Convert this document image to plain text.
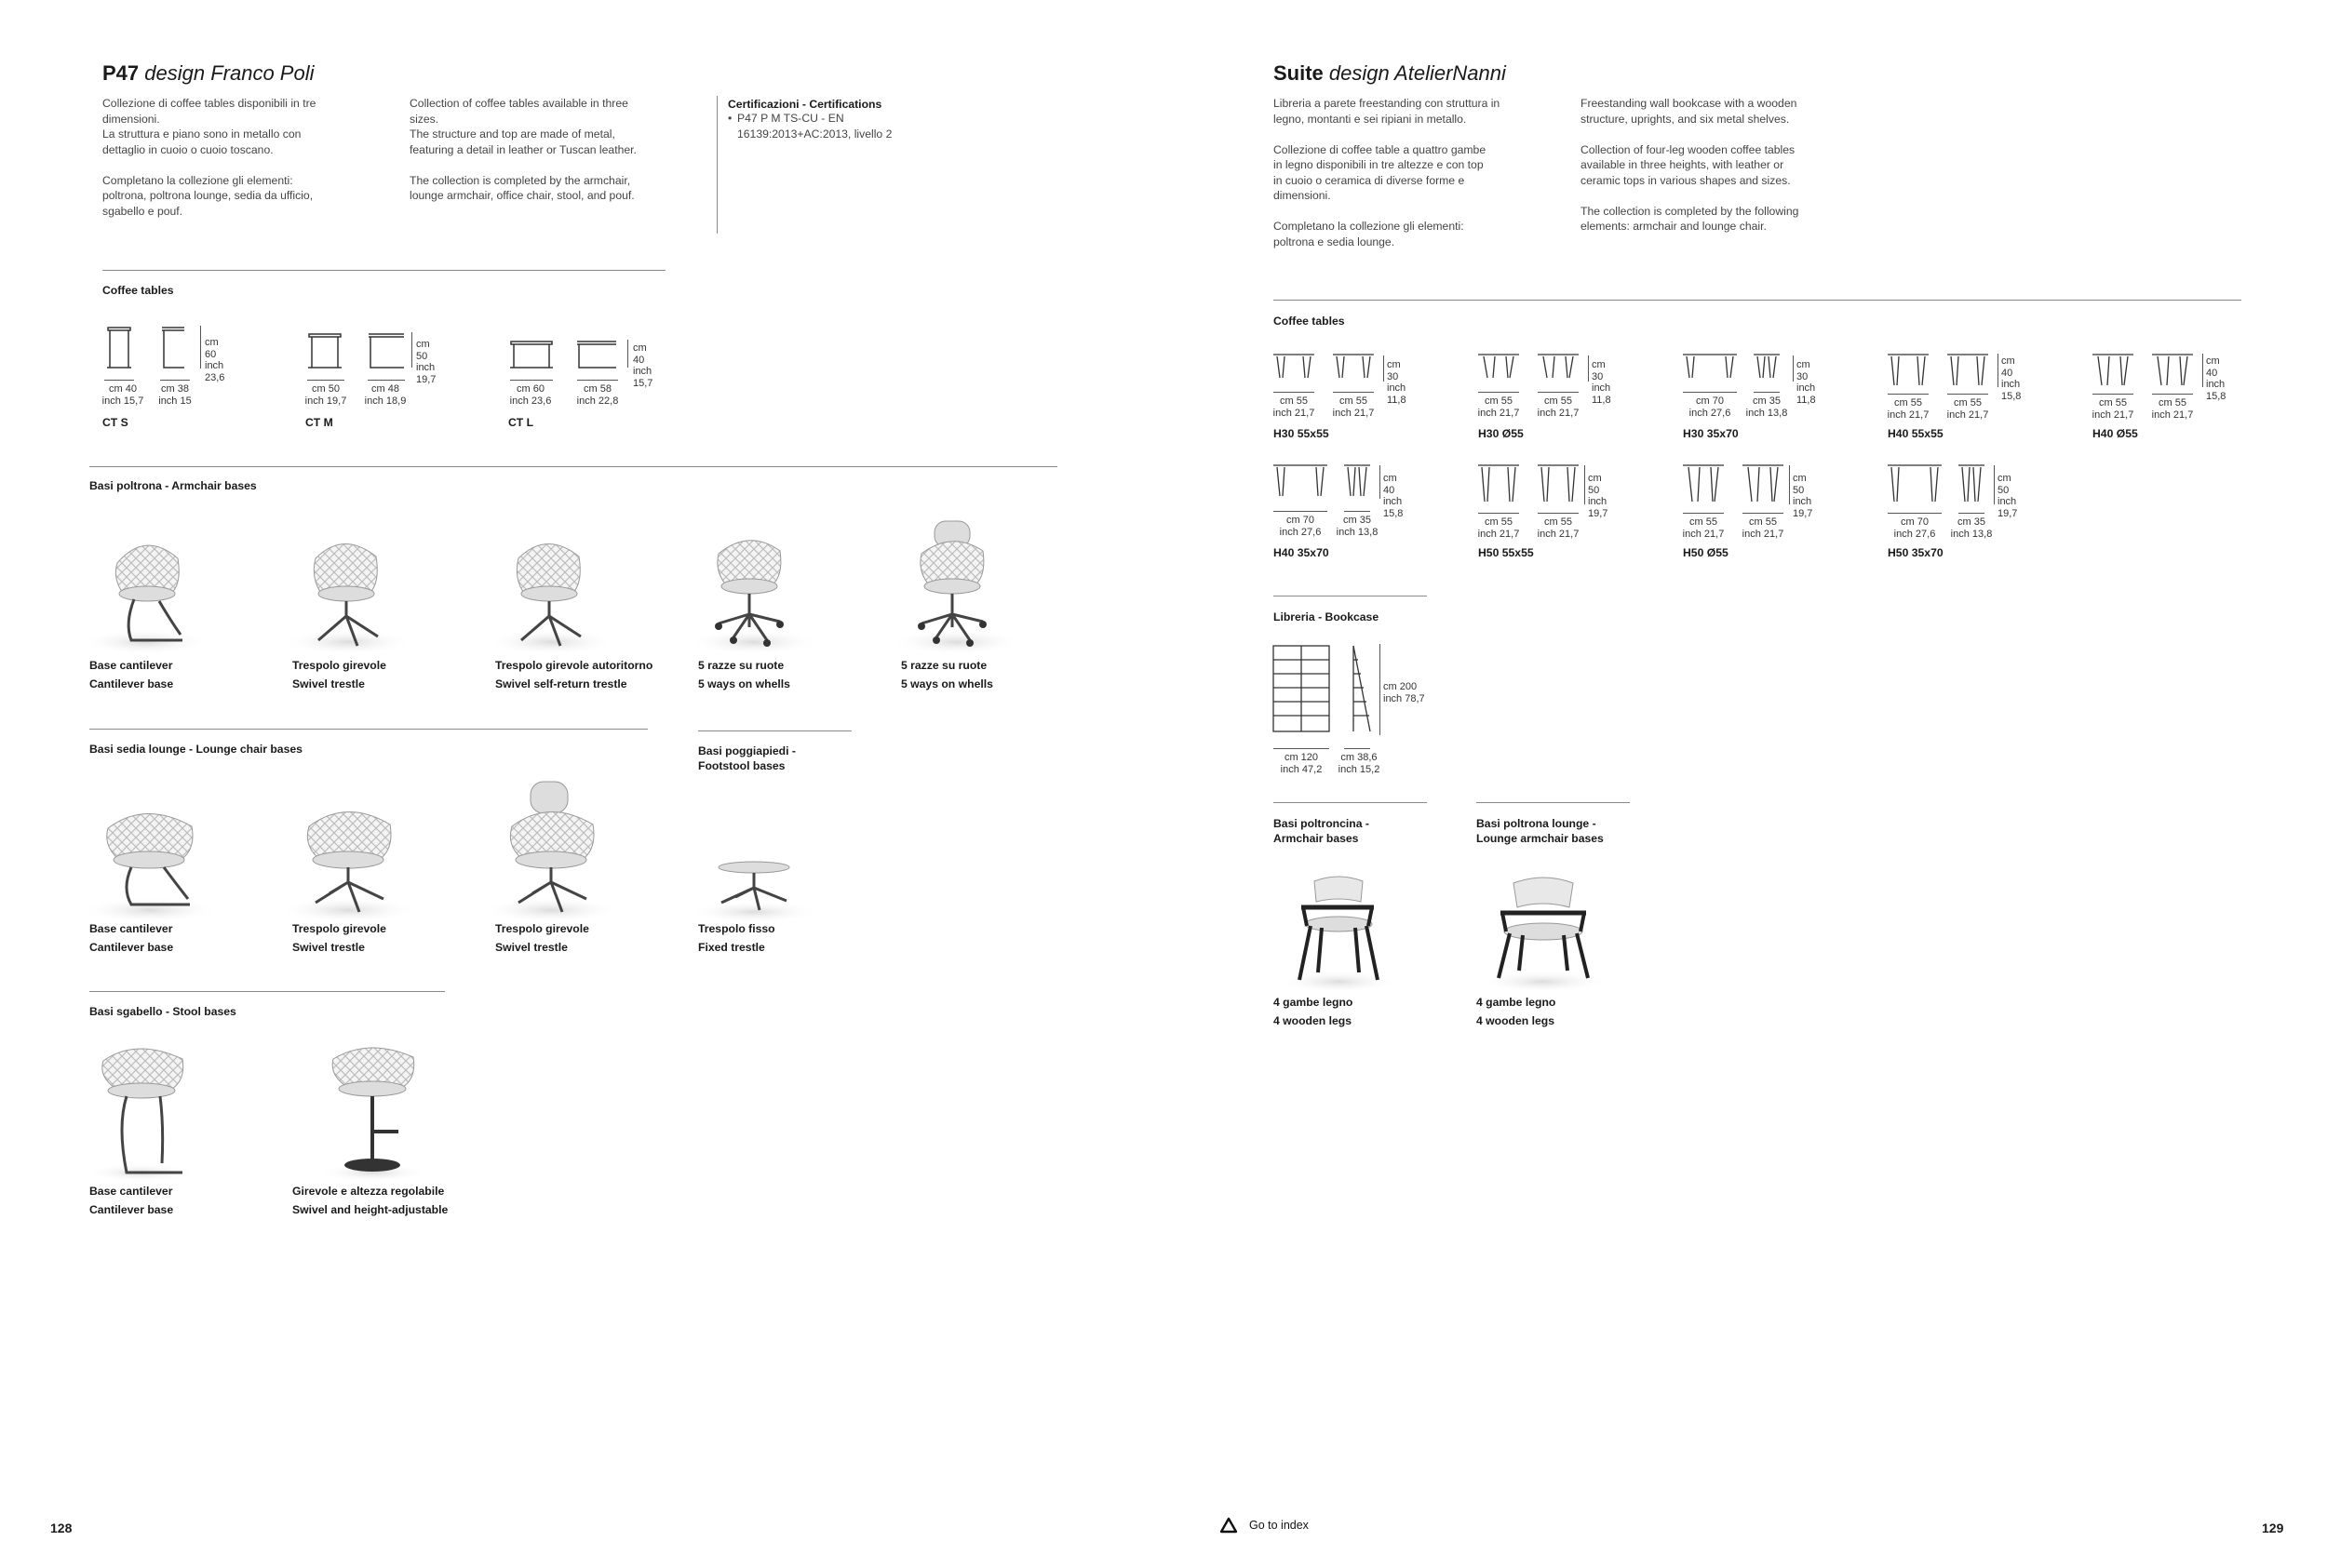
P47 design Franco Poli
Collezione di coffee tables disponibili in tre
dimensioni.
La struttura e piano sono in metallo con
dettaglio in cuoio o cuoio toscano.

Completano la collezione gli elementi:
poltrona, poltrona lounge, sedia da ufficio,
sgabello e pouf.
Collection of coffee tables available in three
sizes.
The structure and top are made of metal,
featuring a detail in leather or Tuscan leather.

The collection is completed by the armchair,
lounge armchair, office chair, stool, and pouf.
Certificazioni - Certifications
• P47 P M TS-CU - EN
16139:2013+AC:2013, livello 2
Coffee tables
cm 60
inch 23,6
cm 40
inch 15,7
cm 38
inch 15
CT S
cm 50
inch 19,7
cm 50
inch 19,7
cm 48
inch 18,9
CT M
cm 40
inch 15,7
cm 60
inch 23,6
cm 58
inch 22,8
CT L
Basi poltrona - Armchair bases
Base cantilever
Cantilever base
Trespolo girevole
Swivel trestle
Trespolo girevole autoritorno
Swivel self-return trestle
5 razze su ruote
5 ways on whells
5 razze su ruote
5 ways on whells
Basi sedia lounge - Lounge chair bases	Basi poggiapiedi -
Footstool bases
Base cantilever
Cantilever base
Trespolo girevole
Swivel trestle
Trespolo girevole
Swivel trestle
Trespolo fisso
Fixed trestle
Basi sgabello - Stool bases
Base cantilever
Cantilever base
Girevole e altezza regolabile
Swivel and height-adjustable
Suite design AtelierNanni
Libreria a parete freestanding con struttura in
legno, montanti e sei ripiani in metallo.

Collezione di coffee table a quattro gambe
in legno disponibili in tre altezze e con top
in cuoio o ceramica di diverse forme e
dimensioni.

Completano la collezione gli elementi:
poltrona e sedia lounge.
Freestanding wall bookcase with a wooden
structure, uprights, and six metal shelves.

Collection of four-leg wooden coffee tables
available in three heights, with leather or
ceramic tops in various shapes and sizes.

The collection is completed by the following
elements: armchair and lounge chair.
Coffee tables
cm 30
inch 11,8
cm 55
inch 21,7
cm 55
inch 21,7
H30 55x55
cm 30
inch 11,8
cm 55
inch 21,7
cm 55
inch 21,7
H30 Ø55
cm 30
inch 11,8
cm 70
inch 27,6
cm 35
inch 13,8
H30 35x70
cm 40
inch 15,8
cm 55
inch 21,7
cm 55
inch 21,7
H40 55x55
cm 40
inch 15,8
cm 55
inch 21,7
cm 55
inch 21,7
H40 Ø55
cm 40
inch 15,8
cm 70
inch 27,6
cm 35
inch 13,8
H40 35x70
cm 50
inch 19,7
cm 55
inch 21,7
cm 55
inch 21,7
H50 55x55
cm 50
inch 19,7
cm 55
inch 21,7
cm 55
inch 21,7
H50 Ø55
cm 50
inch 19,7
cm 70
inch 27,6
cm 35
inch 13,8
H50 35x70
Libreria - Bookcase
cm 200
inch 78,7
cm 120
inch 47,2
cm 38,6
inch 15,2
Basi poltroncina -
Armchair bases
Basi poltrona lounge -
Lounge armchair bases
4 gambe legno
4 wooden legs
4 gambe legno
4 wooden legs
128	129
Go to index
